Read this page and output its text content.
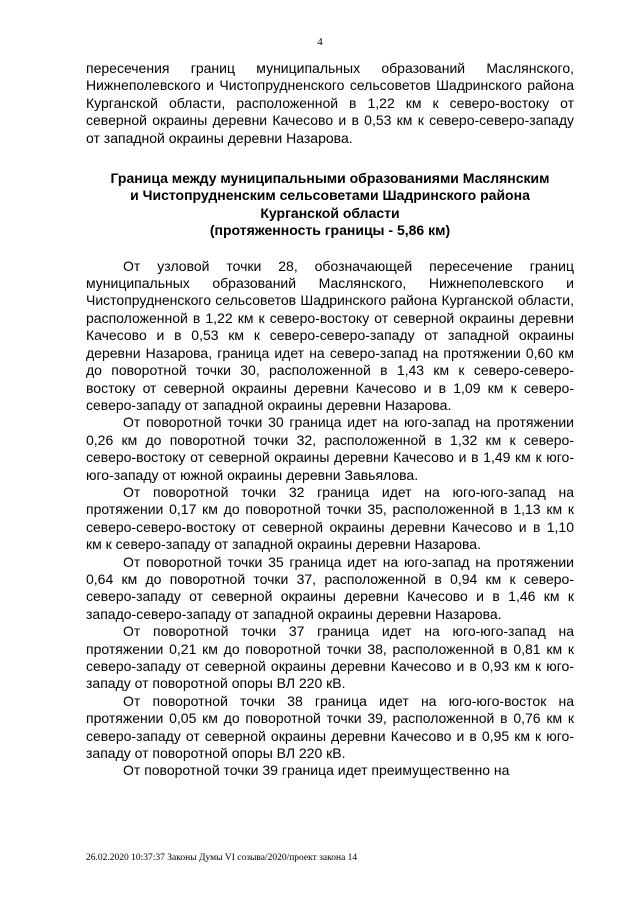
4

пересечения границ муниципальных образований Маслянского, Нижнеполевского и Чистопрудненского сельсоветов Шадринского района Курганской области, расположенной в 1,22 км к северо-востоку от северной окраины деревни Качесово и в 0,53 км к северо-северо-западу от западной окраины деревни Назарова.

Граница между муниципальными образованиями Маслянским
и Чистопрудненским сельсоветами Шадринского района
Курганской области
(протяженность границы - 5,86 км)

От узловой точки 28, обозначающей пересечение границ муниципальных образований Маслянского, Нижнеполевского и Чистопрудненского сельсоветов Шадринского района Курганской области, расположенной в 1,22 км к северо-востоку от северной окраины деревни Качесово и в 0,53 км к северо-северо-западу от западной окраины деревни Назарова, граница идет на северо-запад на протяжении 0,60 км до поворотной точки 30, расположенной в 1,43 км к северо-северо-востоку от северной окраины деревни Качесово и в 1,09 км к северо-северо-западу от западной окраины деревни Назарова.

От поворотной точки 30 граница идет на юго-запад на протяжении 0,26 км до поворотной точки 32, расположенной в 1,32 км к северо-северо-востоку от северной окраины деревни Качесово и в 1,49 км к юго-юго-западу от южной окраины деревни Завьялова.

От поворотной точки 32 граница идет на юго-юго-запад на протяжении 0,17 км до поворотной точки 35, расположенной в 1,13 км к северо-северо-востоку от северной окраины деревни Качесово и в 1,10 км к северо-западу от западной окраины деревни Назарова.

От поворотной точки 35 граница идет на юго-запад на протяжении 0,64 км до поворотной точки 37, расположенной в 0,94 км к северо-северо-западу от северной окраины деревни Качесово и в 1,46 км к западо-северо-западу от западной окраины деревни Назарова.

От поворотной точки 37 граница идет на юго-юго-запад на протяжении 0,21 км до поворотной точки 38, расположенной в 0,81 км к северо-западу от северной окраины деревни Качесово и в 0,93 км к юго-западу от поворотной опоры ВЛ 220 кВ.

От поворотной точки 38 граница идет на юго-юго-восток на протяжении 0,05 км до поворотной точки 39, расположенной в 0,76 км к северо-западу от северной окраины деревни Качесово и в 0,95 км к юго-западу от поворотной опоры ВЛ 220 кВ.

От поворотной точки 39 граница идет преимущественно на

26.02.2020 10:37:37 Законы Думы VI созыва/2020/проект закона 14
